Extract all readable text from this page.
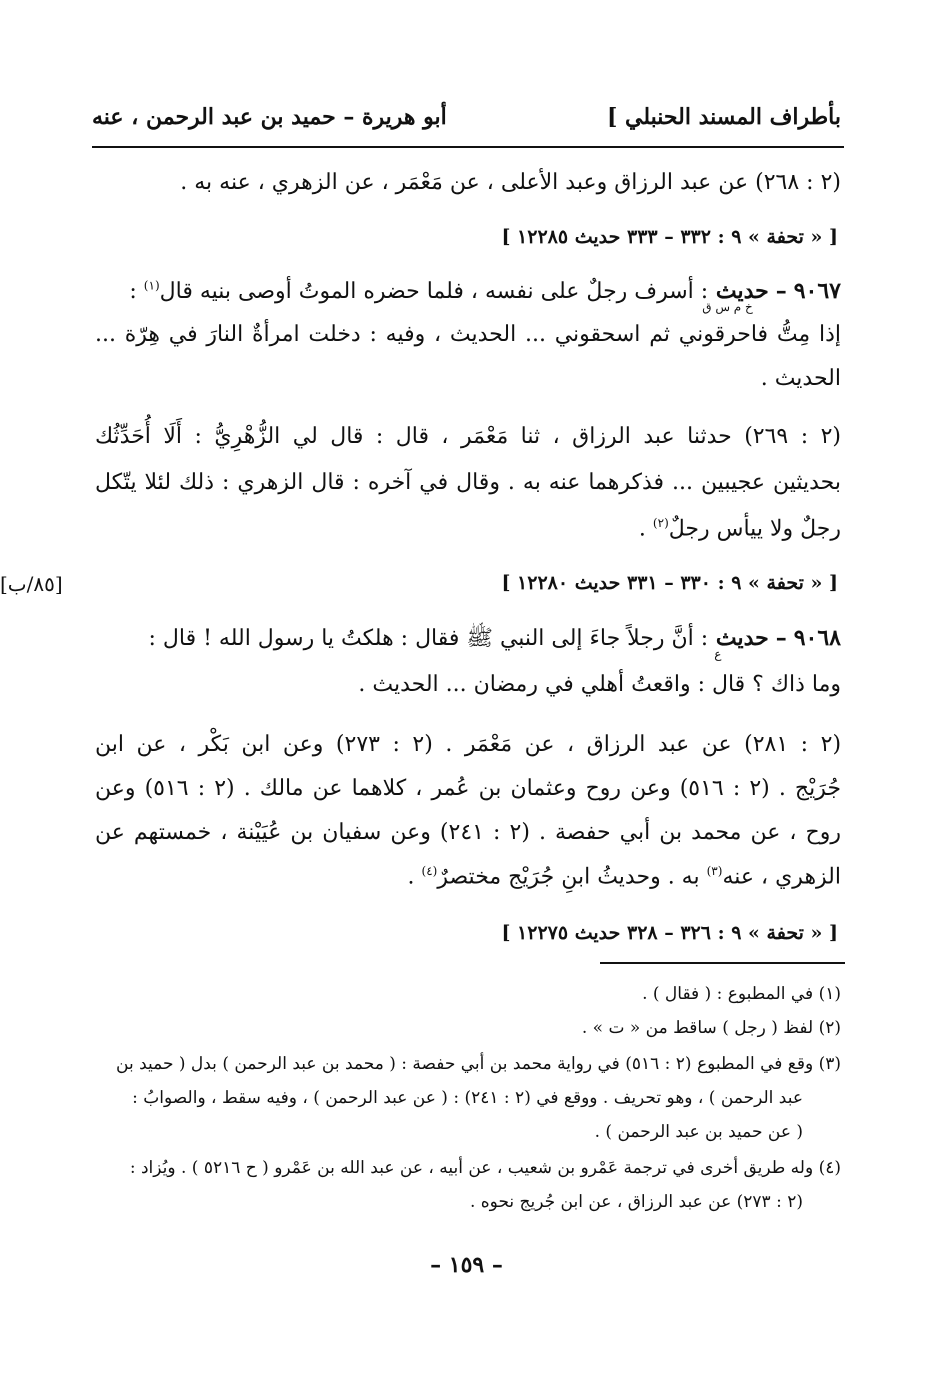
بأطراف المسند الحنبلي ]
أبو هريرة – حميد بن عبد الرحمن ، عنه
(٢ : ٢٦٨) عن عبد الرزاق وعبد الأعلى ، عن مَعْمَر ، عن الزهري ، عنه به .
[ « تحفة » ٩ : ٣٣٢ – ٣٣٣ حديث ١٢٢٨٥ ]
٩٠٦٧ – حديث
خ م س ق
: أسرف رجلٌ على نفسه ، فلما حضره الموتُ أوصى بنيه قال$^{(١)}$ :
إذا مِتُّ فاحرقوني ثم اسحقوني ... الحديث ، وفيه : دخلت امرأةٌ النارَ في هِرّة ...
الحديث .
(٢ : ٢٦٩) حدثنا عبد الرزاق ، ثنا مَعْمَر ، قال : قال لي الزُّهْرِيُّ : أَلَا أُحَدِّثُك
بحديثين عجيبين ... فذكرهما عنه به . وقال في آخره : قال الزهري : ذلك لئلا يتّكل
رجلٌ ولا ييأس رجلٌ$^{(٢)}$ .
[ « تحفة » ٩ : ٣٣٠ – ٣٣١ حديث ١٢٢٨٠ ]
[٨٥/ب]
٩٠٦٨ – حديث
ع
: أنَّ رجلاً جاءَ إلى النبي ﷺ فقال : هلكتُ يا رسول الله ! قال :
وما ذاك ؟ قال : واقعتُ أهلي في رمضان ... الحديث .
(٢ : ٢٨١) عن عبد الرزاق ، عن مَعْمَر . (٢ : ٢٧٣) وعن ابن بَكْر ، عن ابن
جُرَيْج . (٢ : ٥١٦) وعن روح وعثمان بن عُمر ، كلاهما عن مالك . (٢ : ٥١٦) وعن
روح ، عن محمد بن أبي حفصة . (٢ : ٢٤١) وعن سفيان بن عُيَيْنة ، خمستهم عن
الزهري ، عنه$^{(٣)}$ به . وحديثُ ابنِ جُرَيْج مختصرٌ$^{(٤)}$ .
[ « تحفة » ٩ : ٣٢٦ – ٣٢٨ حديث ١٢٢٧٥ ]
(١) في المطبوع : ( فقال ) .
(٢) لفظ ( رجل ) ساقط من « ت » .
(٣) وقع في المطبوع (٢ : ٥١٦) في رواية محمد بن أبي حفصة : ( محمد بن عبد الرحمن ) بدل ( حميد بن
عبد الرحمن ) ، وهو تحريف . ووقع في (٢ : ٢٤١) : ( عن عبد الرحمن ) ، وفيه سقط ، والصوابُ :
( عن حميد بن عبد الرحمن ) .
(٤) وله طريق أخرى في ترجمة عَمْرو بن شعيب ، عن أبيه ، عن عبد الله بن عَمْرو ( ح ٥٢١٦ ) . ويُزاد :
(٢ : ٢٧٣) عن عبد الرزاق ، عن ابن جُريج نحوه .
– ١٥٩ –
